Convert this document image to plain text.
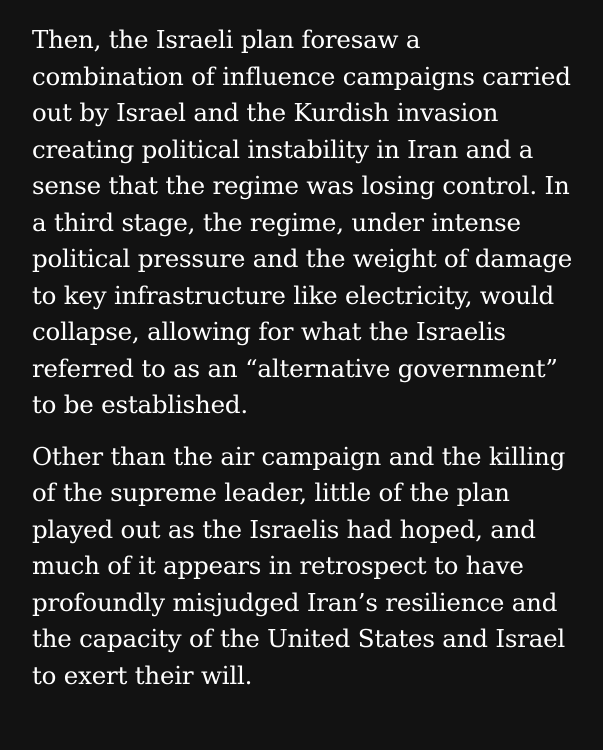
Then, the Israeli plan foresaw a
combination of influence campaigns carried
out by Israel and the Kurdish invasion
creating political instability in Iran and a
sense that the regime was losing control. In
a third stage, the regime, under intense
political pressure and the weight of damage
to key infrastructure like electricity, would
collapse, allowing for what the Israelis
referred to as an “alternative government”
to be established.

Other than the air campaign and the killing
of the supreme leader, little of the plan
played out as the Israelis had hoped, and
much of it appears in retrospect to have
profoundly misjudged Iran’s resilience and
the capacity of the United States and Israel
to exert their will.
